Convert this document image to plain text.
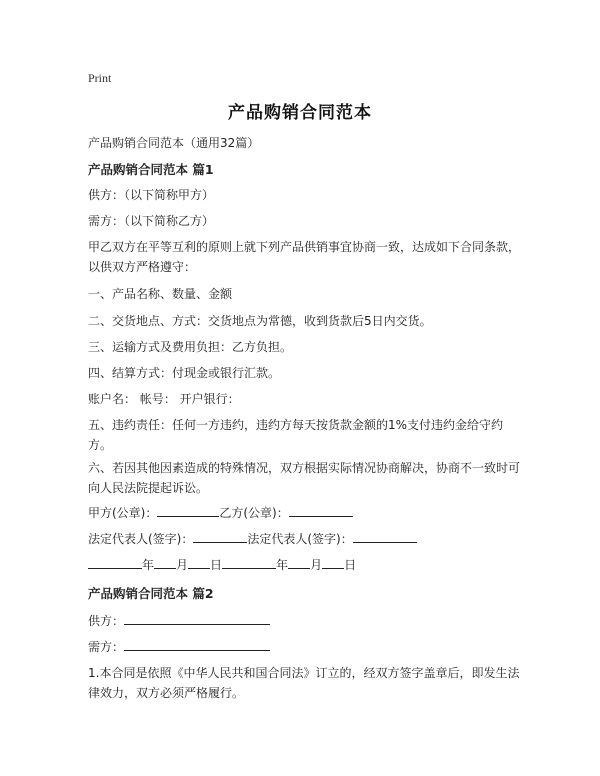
Print
产品购销合同范本
产品购销合同范本（通用32篇）
产品购销合同范本 篇1
供方：（以下简称甲方）
需方：（以下简称乙方）
甲乙双方在平等互利的原则上就下列产品供销事宜协商一致，达成如下合同条款，以供双方严格遵守：
一、产品名称、数量、金额
二、交货地点、方式：交货地点为常德，收到货款后5日内交货。
三、运输方式及费用负担：乙方负担。
四、结算方式：付现金或银行汇款。
账户名： 帐号： 开户银行：
五、违约责任：任何一方违约，违约方每天按货款金额的1%支付违约金给守约方。
六、若因其他因素造成的特殊情况，双方根据实际情况协商解决，协商不一致时可向人民法院提起诉讼。
甲方(公章)：	乙方(公章)：
法定代表人(签字)：	法定代表人(签字)：
年 月 日	年 月 日
产品购销合同范本 篇2
供方：
需方：
1.本合同是依照《中华人民共和国合同法》订立的，经双方签字盖章后，即发生法律效力，双方必须严格履行。
